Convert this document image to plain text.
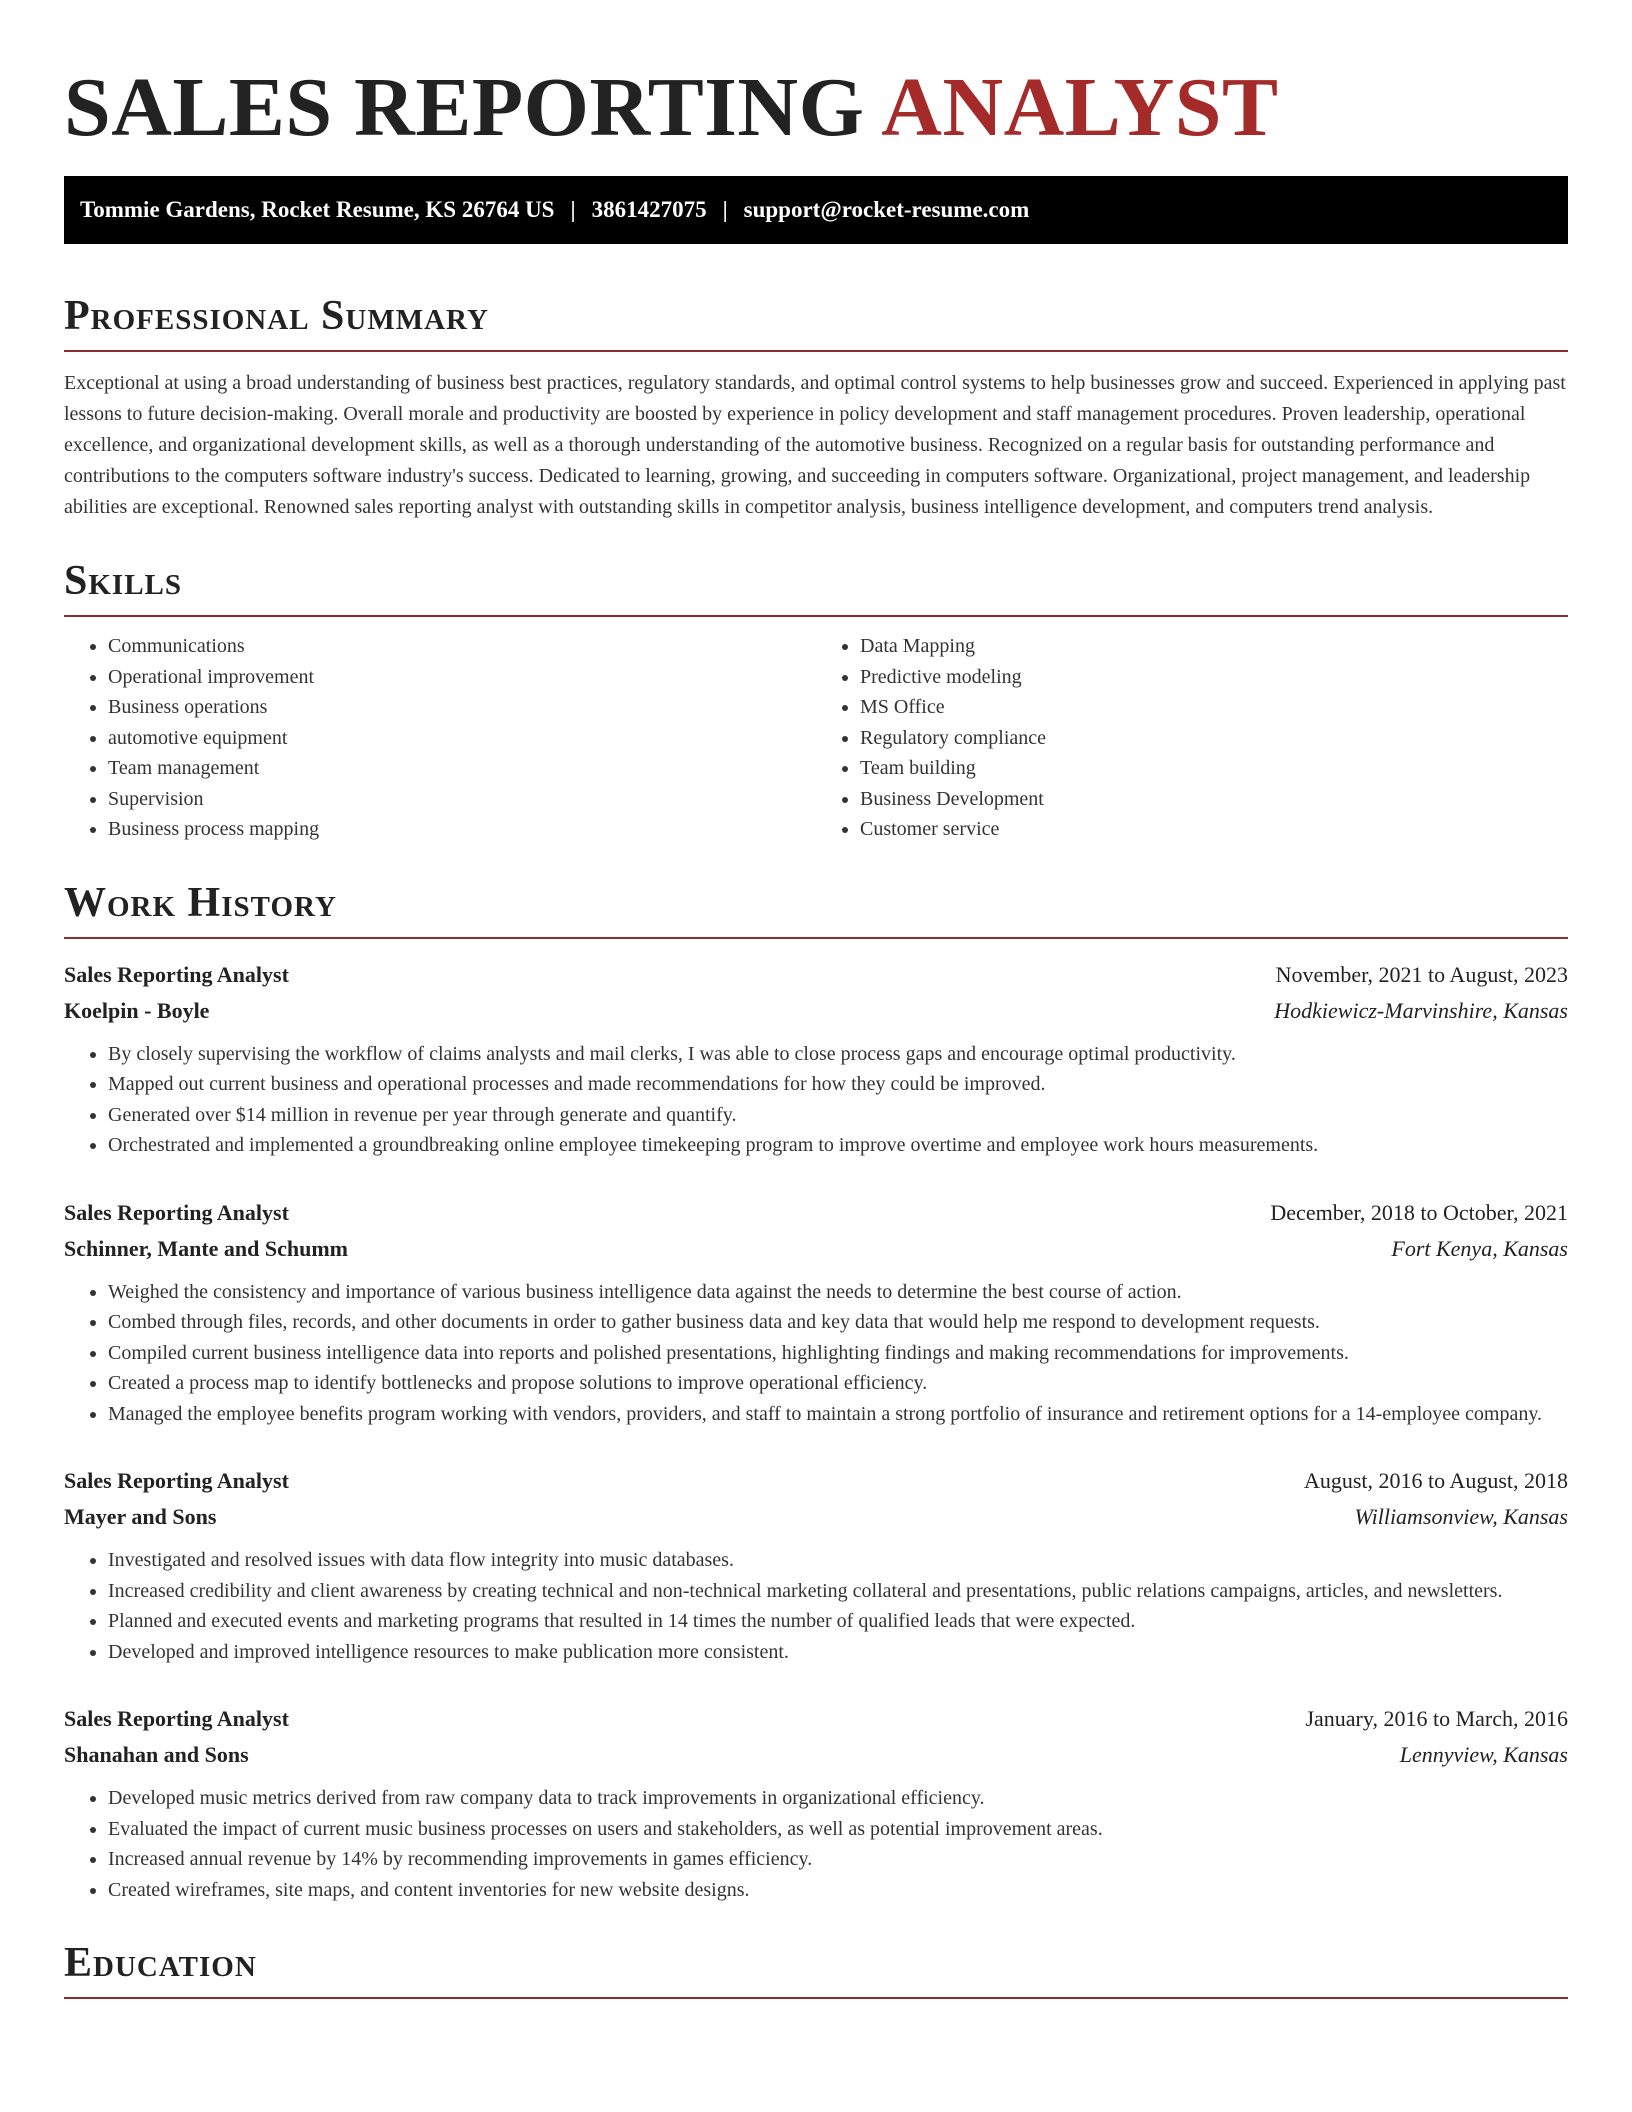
SALES REPORTING ANALYST
Tommie Gardens, Rocket Resume, KS 26764 US | 3861427075 | support@rocket-resume.com
Professional Summary

Exceptional at using a broad understanding of business best practices, regulatory standards, and optimal control systems to help businesses grow and succeed. Experienced in applying past lessons to future decision-making. Overall morale and productivity are boosted by experience in policy development and staff management procedures. Proven leadership, operational excellence, and organizational development skills, as well as a thorough understanding of the automotive business. Recognized on a regular basis for outstanding performance and contributions to the computers software industry's success. Dedicated to learning, growing, and succeeding in computers software. Organizational, project management, and leadership abilities are exceptional. Renowned sales reporting analyst with outstanding skills in competitor analysis, business intelligence development, and computers trend analysis.

Skills
• Communications
• Operational improvement
• Business operations
• automotive equipment
• Team management
• Supervision
• Business process mapping
• Data Mapping
• Predictive modeling
• MS Office
• Regulatory compliance
• Team building
• Business Development
• Customer service
Work History
Sales Reporting Analyst	November, 2021 to August, 2023
Koelpin - Boyle	Hodkiewicz-Marvinshire, Kansas
• By closely supervising the workflow of claims analysts and mail clerks, I was able to close process gaps and encourage optimal productivity.
• Mapped out current business and operational processes and made recommendations for how they could be improved.
• Generated over $14 million in revenue per year through generate and quantify.
• Orchestrated and implemented a groundbreaking online employee timekeeping program to improve overtime and employee work hours measurements.
Sales Reporting Analyst	December, 2018 to October, 2021
Schinner, Mante and Schumm	Fort Kenya, Kansas
• Weighed the consistency and importance of various business intelligence data against the needs to determine the best course of action.
• Combed through files, records, and other documents in order to gather business data and key data that would help me respond to development requests.
• Compiled current business intelligence data into reports and polished presentations, highlighting findings and making recommendations for improvements.
• Created a process map to identify bottlenecks and propose solutions to improve operational efficiency.
• Managed the employee benefits program working with vendors, providers, and staff to maintain a strong portfolio of insurance and retirement options for a 14-employee company.
Sales Reporting Analyst	August, 2016 to August, 2018
Mayer and Sons	Williamsonview, Kansas
• Investigated and resolved issues with data flow integrity into music databases.
• Increased credibility and client awareness by creating technical and non-technical marketing collateral and presentations, public relations campaigns, articles, and newsletters.
• Planned and executed events and marketing programs that resulted in 14 times the number of qualified leads that were expected.
• Developed and improved intelligence resources to make publication more consistent.
Sales Reporting Analyst	January, 2016 to March, 2016
Shanahan and Sons	Lennyview, Kansas
• Developed music metrics derived from raw company data to track improvements in organizational efficiency.
• Evaluated the impact of current music business processes on users and stakeholders, as well as potential improvement areas.
• Increased annual revenue by 14% by recommending improvements in games efficiency.
• Created wireframes, site maps, and content inventories for new website designs.
Education
